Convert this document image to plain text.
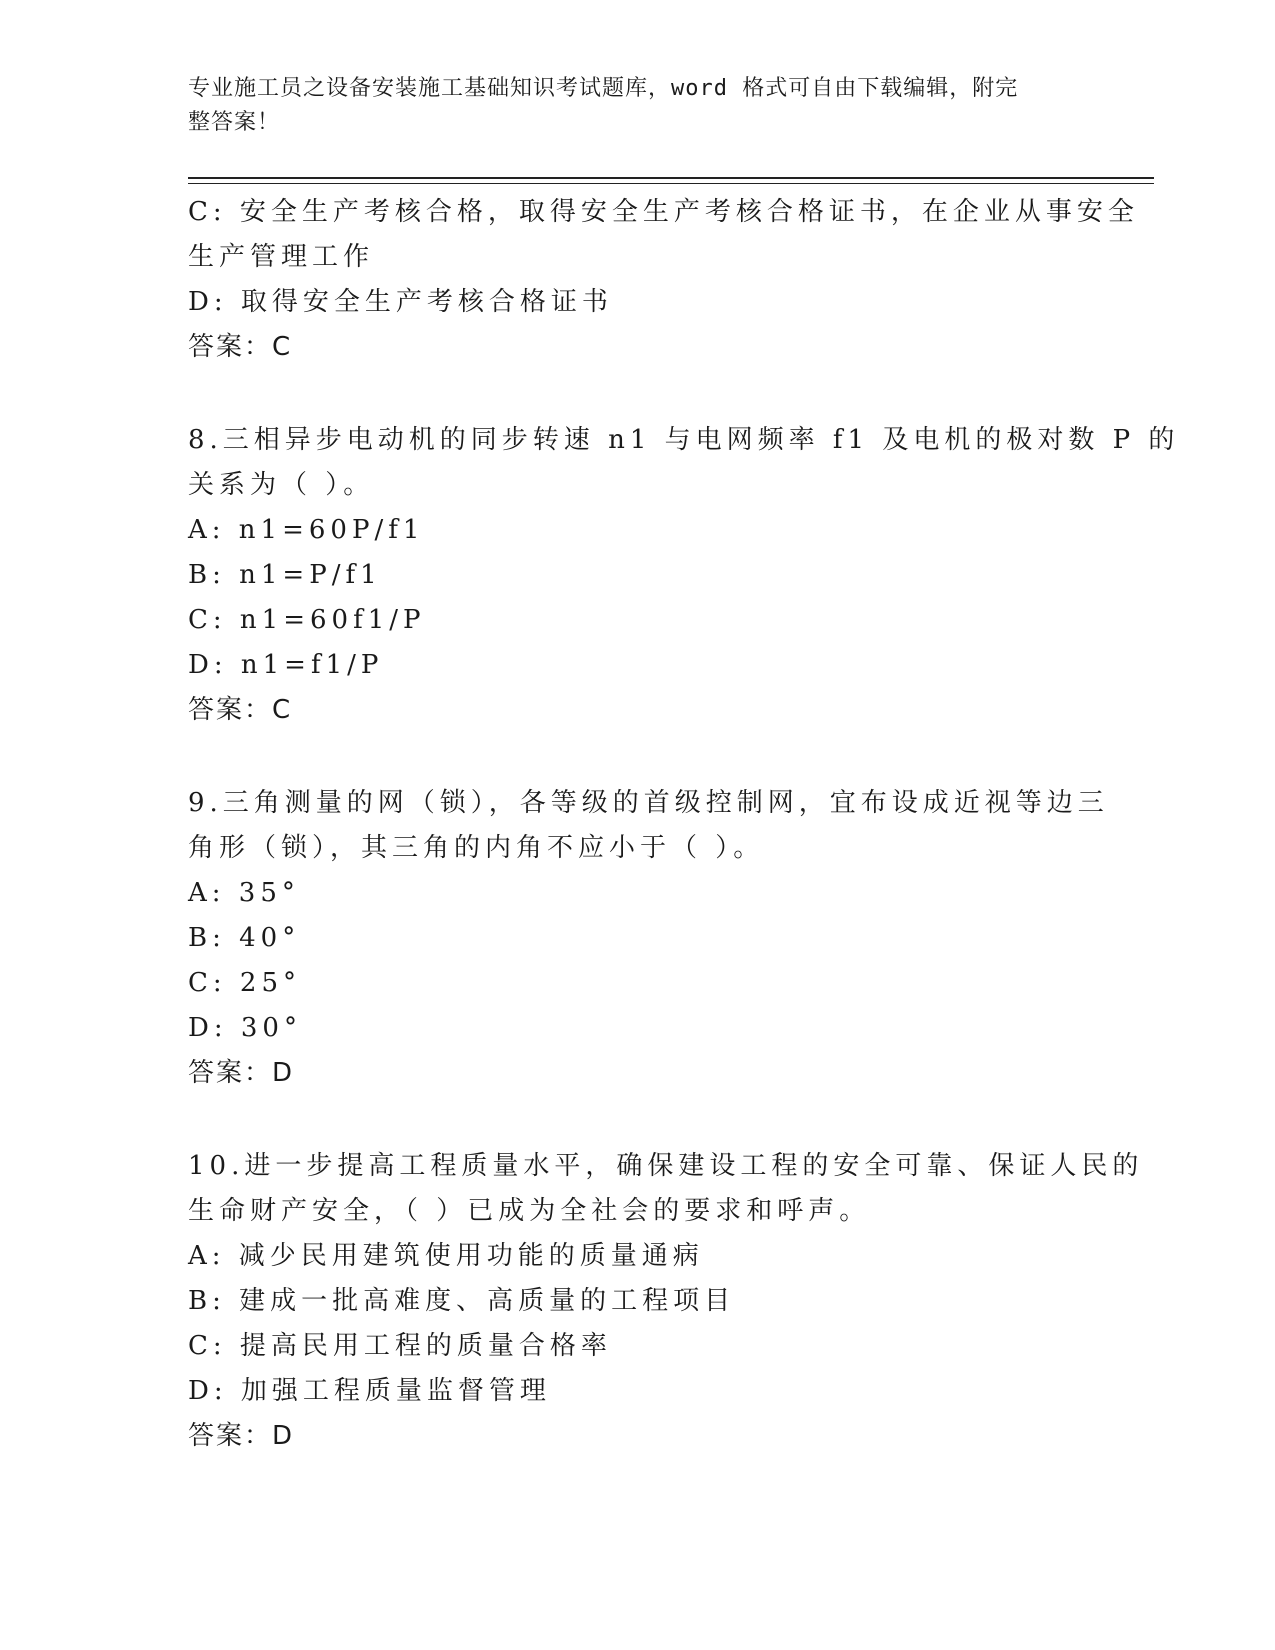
专业施工员之设备安装施工基础知识考试题库，word 格式可自由下载编辑，附完
整答案！
C: 安全生产考核合格，取得安全生产考核合格证书，在企业从事安全
生产管理工作
D: 取得安全生产考核合格证书
答案：C
8.三相异步电动机的同步转速 n1 与电网频率 f1 及电机的极对数 P 的
关系为（ ）。
A: n1=60P/f1
B: n1=P/f1
C: n1=60f1/P
D: n1=f1/P
答案：C
9.三角测量的网（锁），各等级的首级控制网，宜布设成近视等边三
角形（锁），其三角的内角不应小于（ ）。
A: 35°
B: 40°
C: 25°
D: 30°
答案：D
10.进一步提高工程质量水平，确保建设工程的安全可靠、保证人民的
生命财产安全，（ ）已成为全社会的要求和呼声。
A: 减少民用建筑使用功能的质量通病
B: 建成一批高难度、高质量的工程项目
C: 提高民用工程的质量合格率
D: 加强工程质量监督管理
答案：D
